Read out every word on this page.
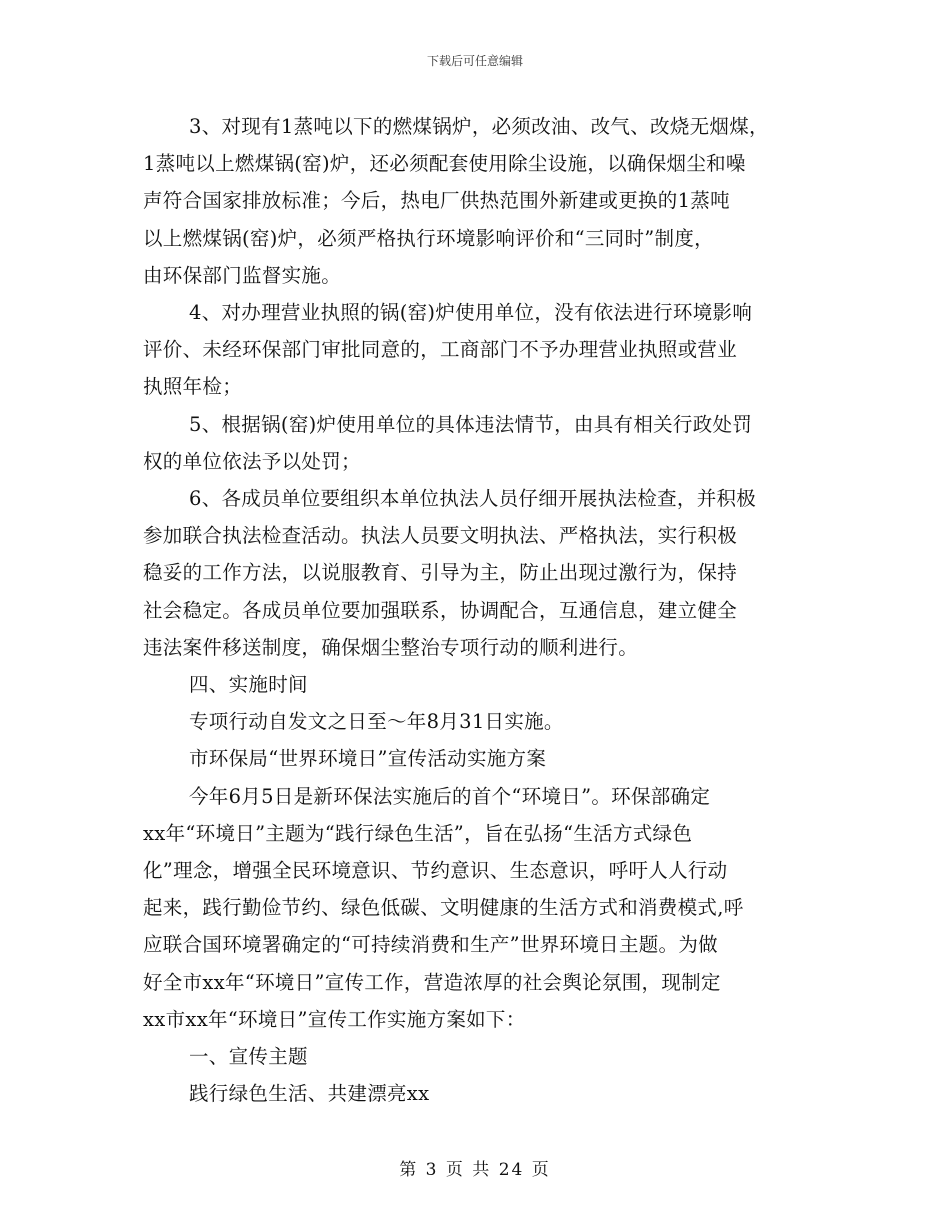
下载后可任意编辑
3、对现有1蒸吨以下的燃煤锅炉，必须改油、改气、改烧无烟煤，
1蒸吨以上燃煤锅(窑)炉，还必须配套使用除尘设施，以确保烟尘和噪
声符合国家排放标准；今后，热电厂供热范围外新建或更换的1蒸吨
以上燃煤锅(窑)炉，必须严格执行环境影响评价和“三同时”制度，
由环保部门监督实施。
4、对办理营业执照的锅(窑)炉使用单位，没有依法进行环境影响
评价、未经环保部门审批同意的，工商部门不予办理营业执照或营业
执照年检；
5、根据锅(窑)炉使用单位的具体违法情节，由具有相关行政处罚
权的单位依法予以处罚；
6、各成员单位要组织本单位执法人员仔细开展执法检查，并积极
参加联合执法检查活动。执法人员要文明执法、严格执法，实行积极
稳妥的工作方法，以说服教育、引导为主，防止出现过激行为，保持
社会稳定。各成员单位要加强联系，协调配合，互通信息，建立健全
违法案件移送制度，确保烟尘整治专项行动的顺利进行。
四、实施时间
专项行动自发文之日至～年8月31日实施。
市环保局“世界环境日”宣传活动实施方案
今年6月5日是新环保法实施后的首个“环境日”。环保部确定
xx年“环境日”主题为“践行绿色生活”，旨在弘扬“生活方式绿色
化”理念，增强全民环境意识、节约意识、生态意识，呼吁人人行动
起来，践行勤俭节约、绿色低碳、文明健康的生活方式和消费模式,呼
应联合国环境署确定的“可持续消费和生产”世界环境日主题。为做
好全市xx年“环境日”宣传工作，营造浓厚的社会舆论氛围，现制定
xx市xx年“环境日”宣传工作实施方案如下：
一、宣传主题
践行绿色生活、共建漂亮xx
第 3 页 共 24 页
